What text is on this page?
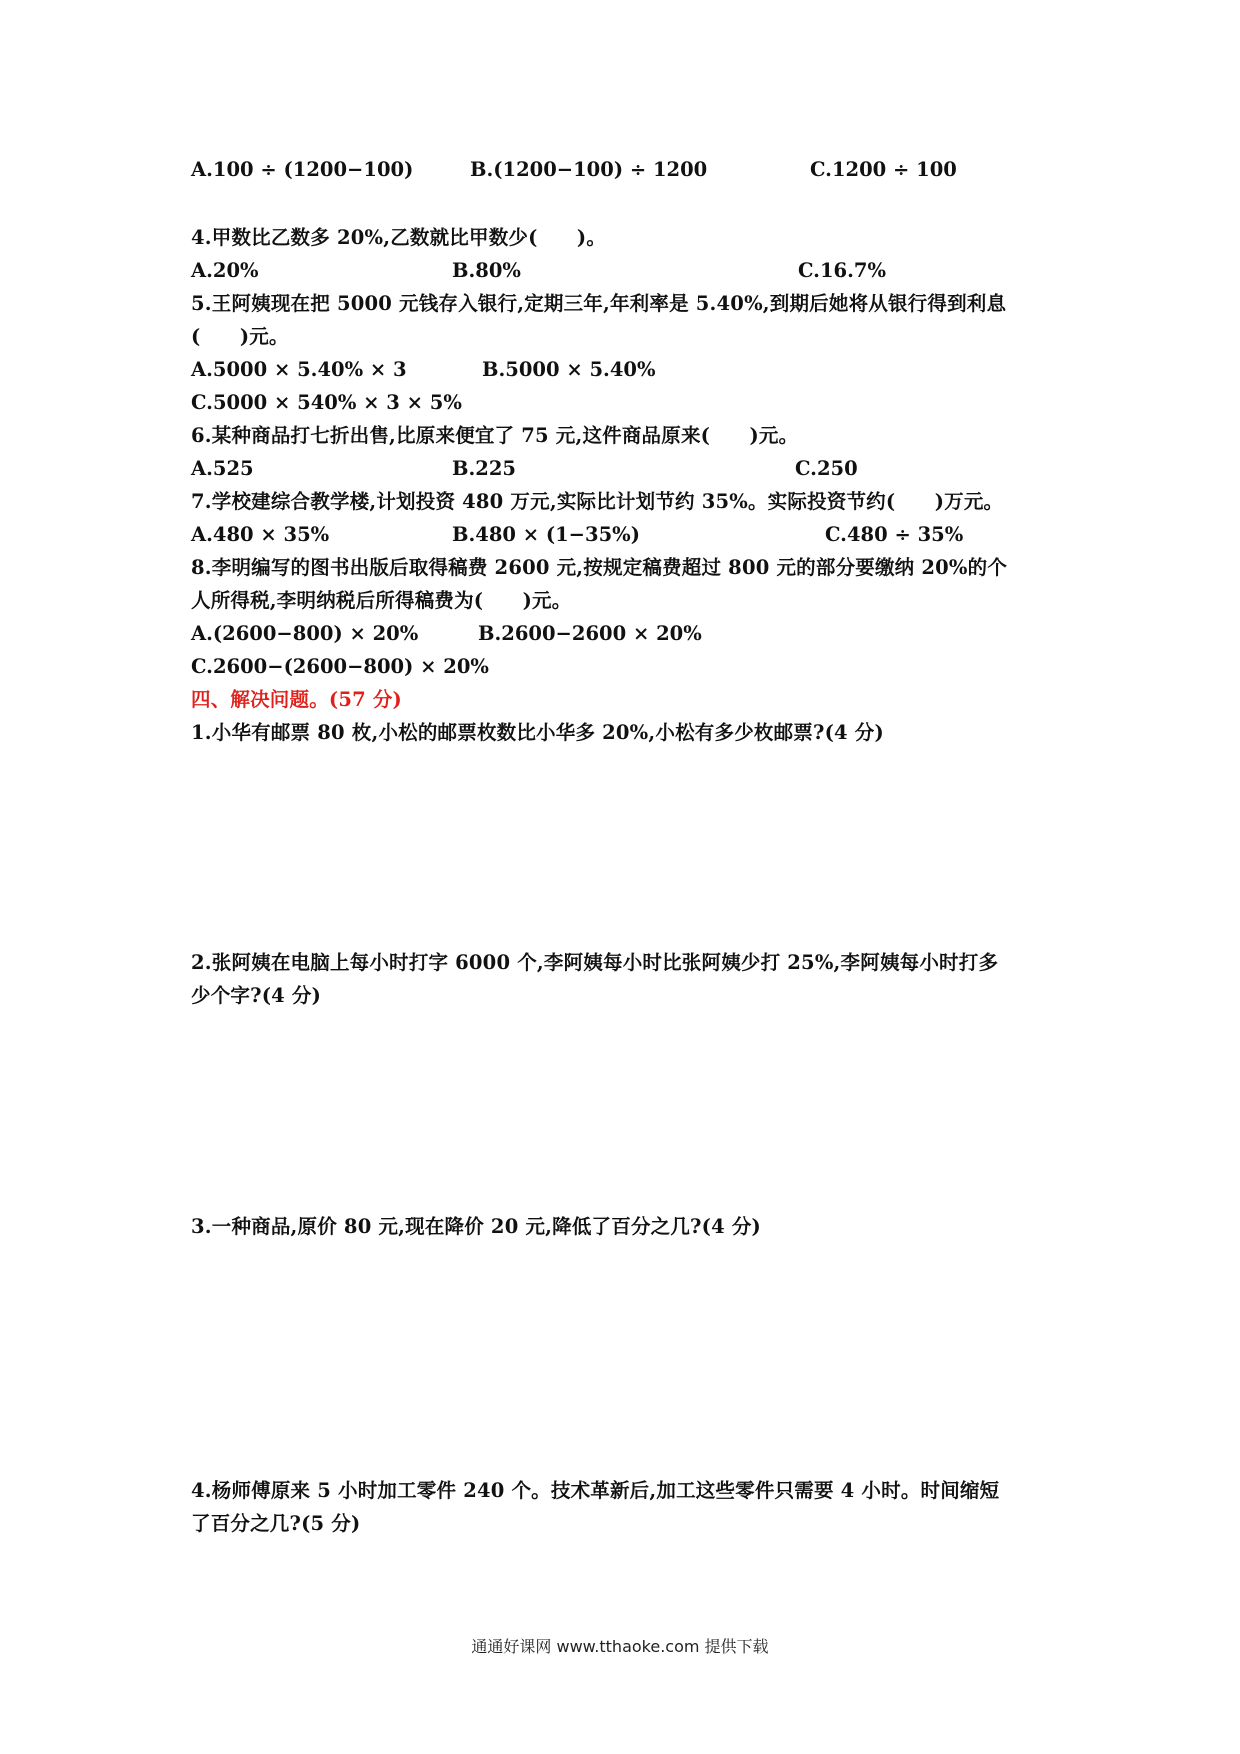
A.100 ÷ (1200−100)	B.(1200−100) ÷ 1200	C.1200 ÷ 100
4.甲数比乙数多 20%,乙数就比甲数少(　　)。
A.20%	B.80%	C.16.7%
5.王阿姨现在把 5000 元钱存入银行,定期三年,年利率是 5.40%,到期后她将从银行得到利息
(　　)元。
A.5000 × 5.40% × 3	B.5000 × 5.40%
C.5000 × 540% × 3 × 5%
6.某种商品打七折出售,比原来便宜了 75 元,这件商品原来(　　)元。
A.525	B.225	C.250
7.学校建综合教学楼,计划投资 480 万元,实际比计划节约 35%。实际投资节约(　　)万元。
A.480 × 35%	B.480 × (1−35%)	C.480 ÷ 35%
8.李明编写的图书出版后取得稿费 2600 元,按规定稿费超过 800 元的部分要缴纳 20%的个
人所得税,李明纳税后所得稿费为(　　)元。
A.(2600−800) × 20%	B.2600−2600 × 20%
C.2600−(2600−800) × 20%
四、解决问题。(57 分)
1.小华有邮票 80 枚,小松的邮票枚数比小华多 20%,小松有多少枚邮票?(4 分)
2.张阿姨在电脑上每小时打字 6000 个,李阿姨每小时比张阿姨少打 25%,李阿姨每小时打多
少个字?(4 分)
3.一种商品,原价 80 元,现在降价 20 元,降低了百分之几?(4 分)
4.杨师傅原来 5 小时加工零件 240 个。技术革新后,加工这些零件只需要 4 小时。时间缩短
了百分之几?(5 分)
通通好课网 www.tthaoke.com 提供下载
